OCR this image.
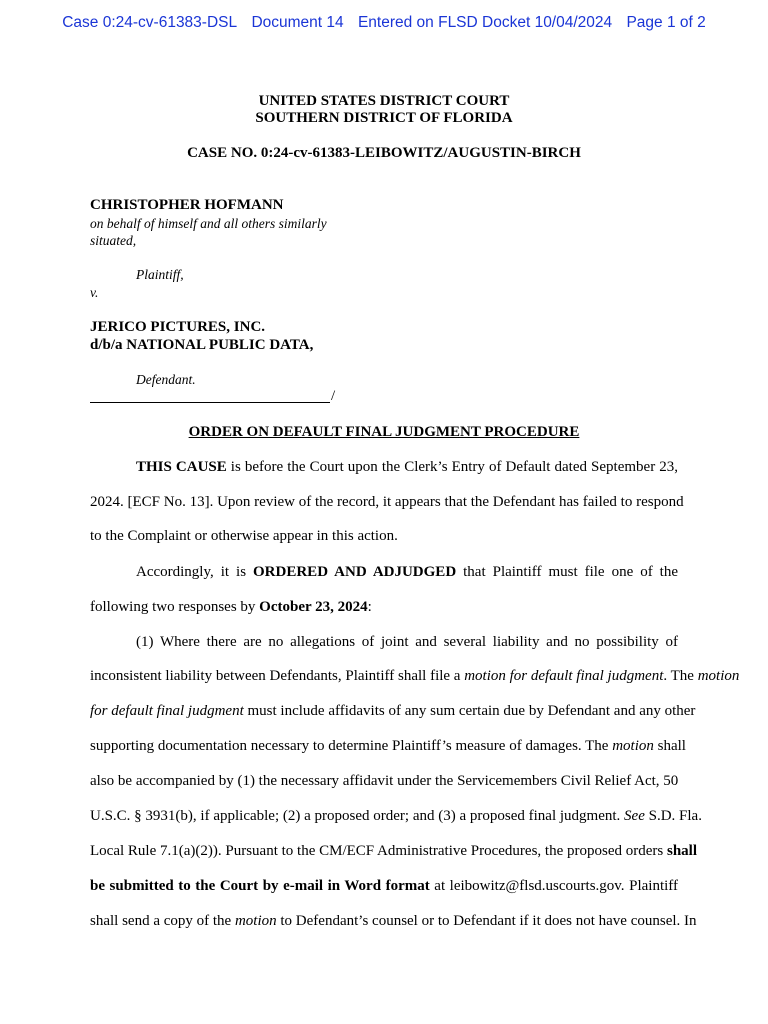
Case 0:24-cv-61383-DSL Document 14 Entered on FLSD Docket 10/04/2024 Page 1 of 2
UNITED STATES DISTRICT COURT
SOUTHERN DISTRICT OF FLORIDA
CASE NO. 0:24-cv-61383-LEIBOWITZ/AUGUSTIN-BIRCH
CHRISTOPHER HOFMANN
on behalf of himself and all others similarly
situated,
Plaintiff,
v.
JERICO PICTURES, INC.
d/b/a NATIONAL PUBLIC DATA,
Defendant.
/
ORDER ON DEFAULT FINAL JUDGMENT PROCEDURE
THIS CAUSE is before the Court upon the Clerk’s Entry of Default dated September 23,
2024. [ECF No. 13]. Upon review of the record, it appears that the Defendant has failed to respond
to the Complaint or otherwise appear in this action.
Accordingly, it is ORDERED AND ADJUDGED that Plaintiff must file one of the
following two responses by October 23, 2024:
(1) Where there are no allegations of joint and several liability and no possibility of
inconsistent liability between Defendants, Plaintiff shall file a motion for default final judgment. The motion
for default final judgment must include affidavits of any sum certain due by Defendant and any other
supporting documentation necessary to determine Plaintiff’s measure of damages. The motion shall
also be accompanied by (1) the necessary affidavit under the Servicemembers Civil Relief Act, 50
U.S.C. § 3931(b), if applicable; (2) a proposed order; and (3) a proposed final judgment. See S.D. Fla.
Local Rule 7.1(a)(2)). Pursuant to the CM/ECF Administrative Procedures, the proposed orders shall
be submitted to the Court by e-mail in Word format at leibowitz@flsd.uscourts.gov. Plaintiff
shall send a copy of the motion to Defendant’s counsel or to Defendant if it does not have counsel. In
